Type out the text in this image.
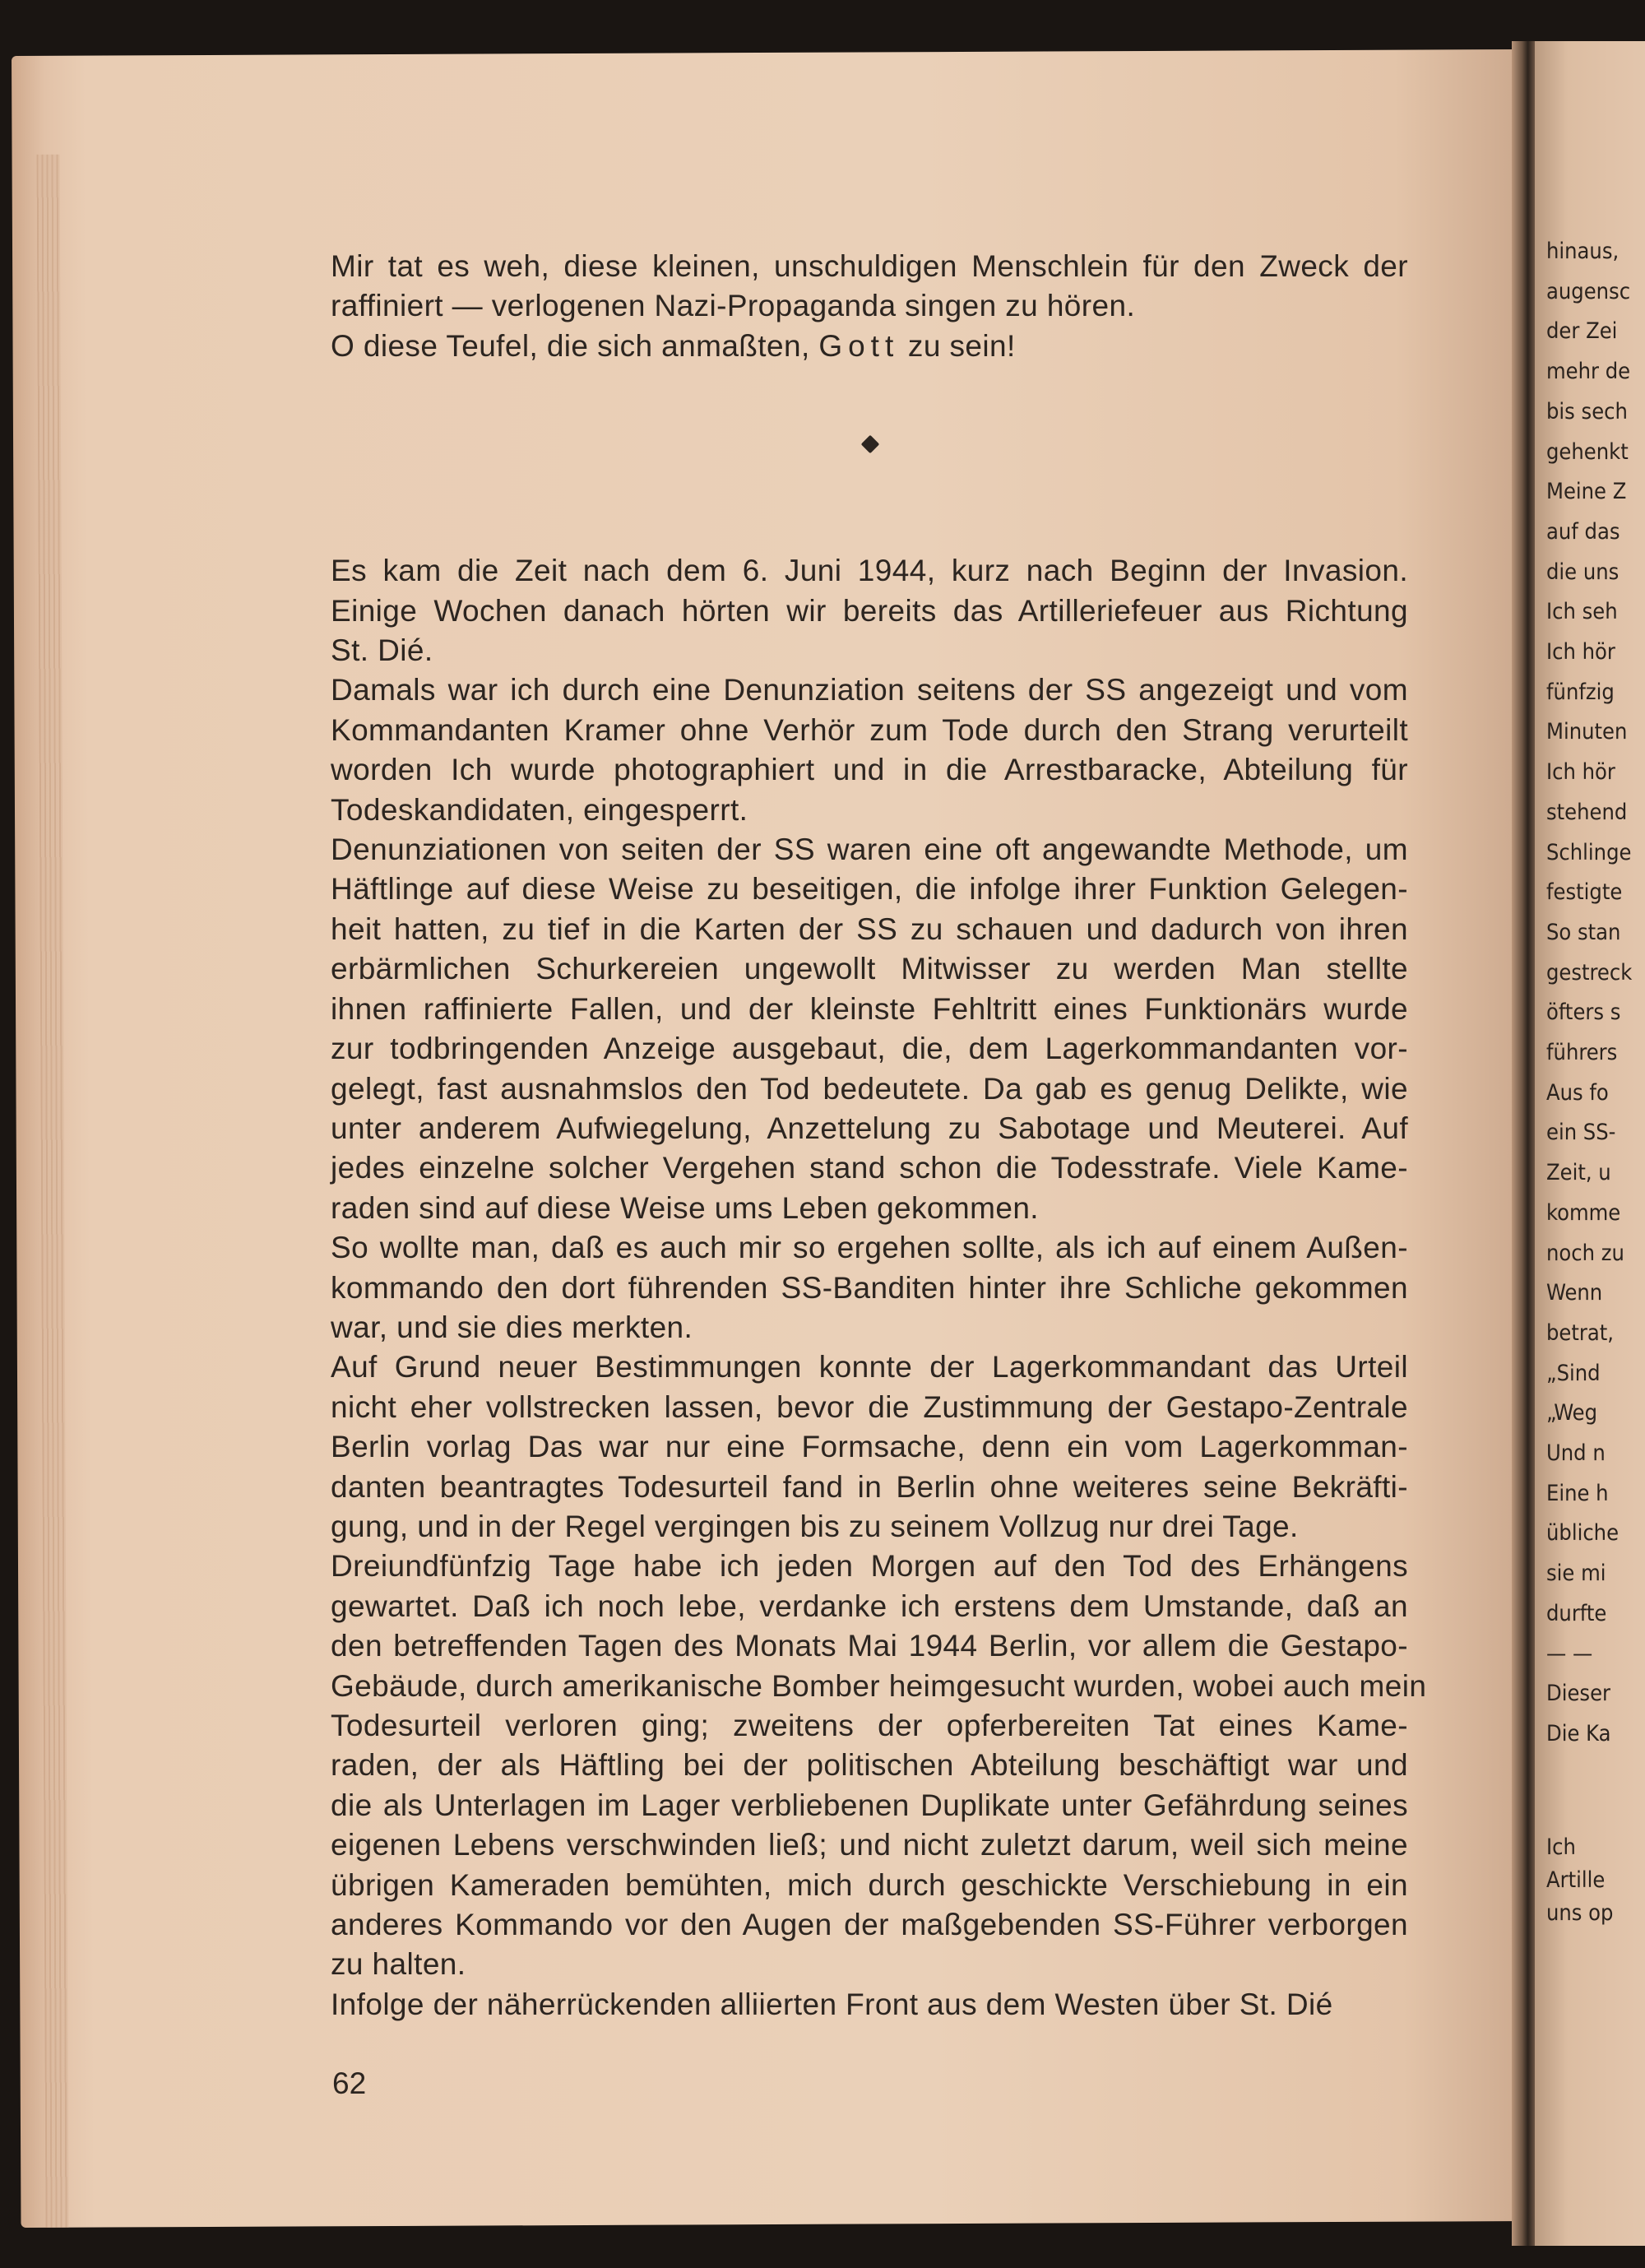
hinaus,
augensc
der Zei
mehr de
bis sech
gehenkt
Meine Z
auf das
die uns
Ich seh
Ich hör
fünfzig
Minuten
Ich hör
stehend
Schlinge
festigte
So stan
gestreck
öfters s
führers
Aus fo
ein SS-
Zeit, u
komme
noch zu
Wenn
betrat,
„Sind
„Weg
Und n
Eine h
übliche
sie mi
durfte
— —
Dieser
Die Ka
Ich
Artille
uns op
Mir tat es weh, diese kleinen, unschuldigen Menschlein für den Zweck der
raffiniert — verlogenen Nazi-Propaganda singen zu hören.
O diese Teufel, die sich anmaßten, Gott zu sein!
Es kam die Zeit nach dem 6. Juni 1944, kurz nach Beginn der Invasion.
Einige Wochen danach hörten wir bereits das Artilleriefeuer aus Richtung
St. Dié.
Damals war ich durch eine Denunziation seitens der SS angezeigt und vom
Kommandanten Kramer ohne Verhör zum Tode durch den Strang verurteilt
worden Ich wurde photographiert und in die Arrestbaracke, Abteilung für
Todeskandidaten, eingesperrt.
Denunziationen von seiten der SS waren eine oft angewandte Methode, um
Häftlinge auf diese Weise zu beseitigen, die infolge ihrer Funktion Gelegen-
heit hatten, zu tief in die Karten der SS zu schauen und dadurch von ihren
erbärmlichen Schurkereien ungewollt Mitwisser zu werden Man stellte
ihnen raffinierte Fallen, und der kleinste Fehltritt eines Funktionärs wurde
zur todbringenden Anzeige ausgebaut, die, dem Lagerkommandanten vor-
gelegt, fast ausnahmslos den Tod bedeutete. Da gab es genug Delikte, wie
unter anderem Aufwiegelung, Anzettelung zu Sabotage und Meuterei. Auf
jedes einzelne solcher Vergehen stand schon die Todesstrafe. Viele Kame-
raden sind auf diese Weise ums Leben gekommen.
So wollte man, daß es auch mir so ergehen sollte, als ich auf einem Außen-
kommando den dort führenden SS-Banditen hinter ihre Schliche gekommen
war, und sie dies merkten.
Auf Grund neuer Bestimmungen konnte der Lagerkommandant das Urteil
nicht eher vollstrecken lassen, bevor die Zustimmung der Gestapo-Zentrale
Berlin vorlag Das war nur eine Formsache, denn ein vom Lagerkomman-
danten beantragtes Todesurteil fand in Berlin ohne weiteres seine Bekräfti-
gung, und in der Regel vergingen bis zu seinem Vollzug nur drei Tage.
Dreiundfünfzig Tage habe ich jeden Morgen auf den Tod des Erhängens
gewartet. Daß ich noch lebe, verdanke ich erstens dem Umstande, daß an
den betreffenden Tagen des Monats Mai 1944 Berlin, vor allem die Gestapo-
Gebäude, durch amerikanische Bomber heimgesucht wurden, wobei auch mein
Todesurteil verloren ging; zweitens der opferbereiten Tat eines Kame-
raden, der als Häftling bei der politischen Abteilung beschäftigt war und
die als Unterlagen im Lager verbliebenen Duplikate unter Gefährdung seines
eigenen Lebens verschwinden ließ; und nicht zuletzt darum, weil sich meine
übrigen Kameraden bemühten, mich durch geschickte Verschiebung in ein
anderes Kommando vor den Augen der maßgebenden SS-Führer verborgen
zu halten.
Infolge der näherrückenden alliierten Front aus dem Westen über St. Dié
62
